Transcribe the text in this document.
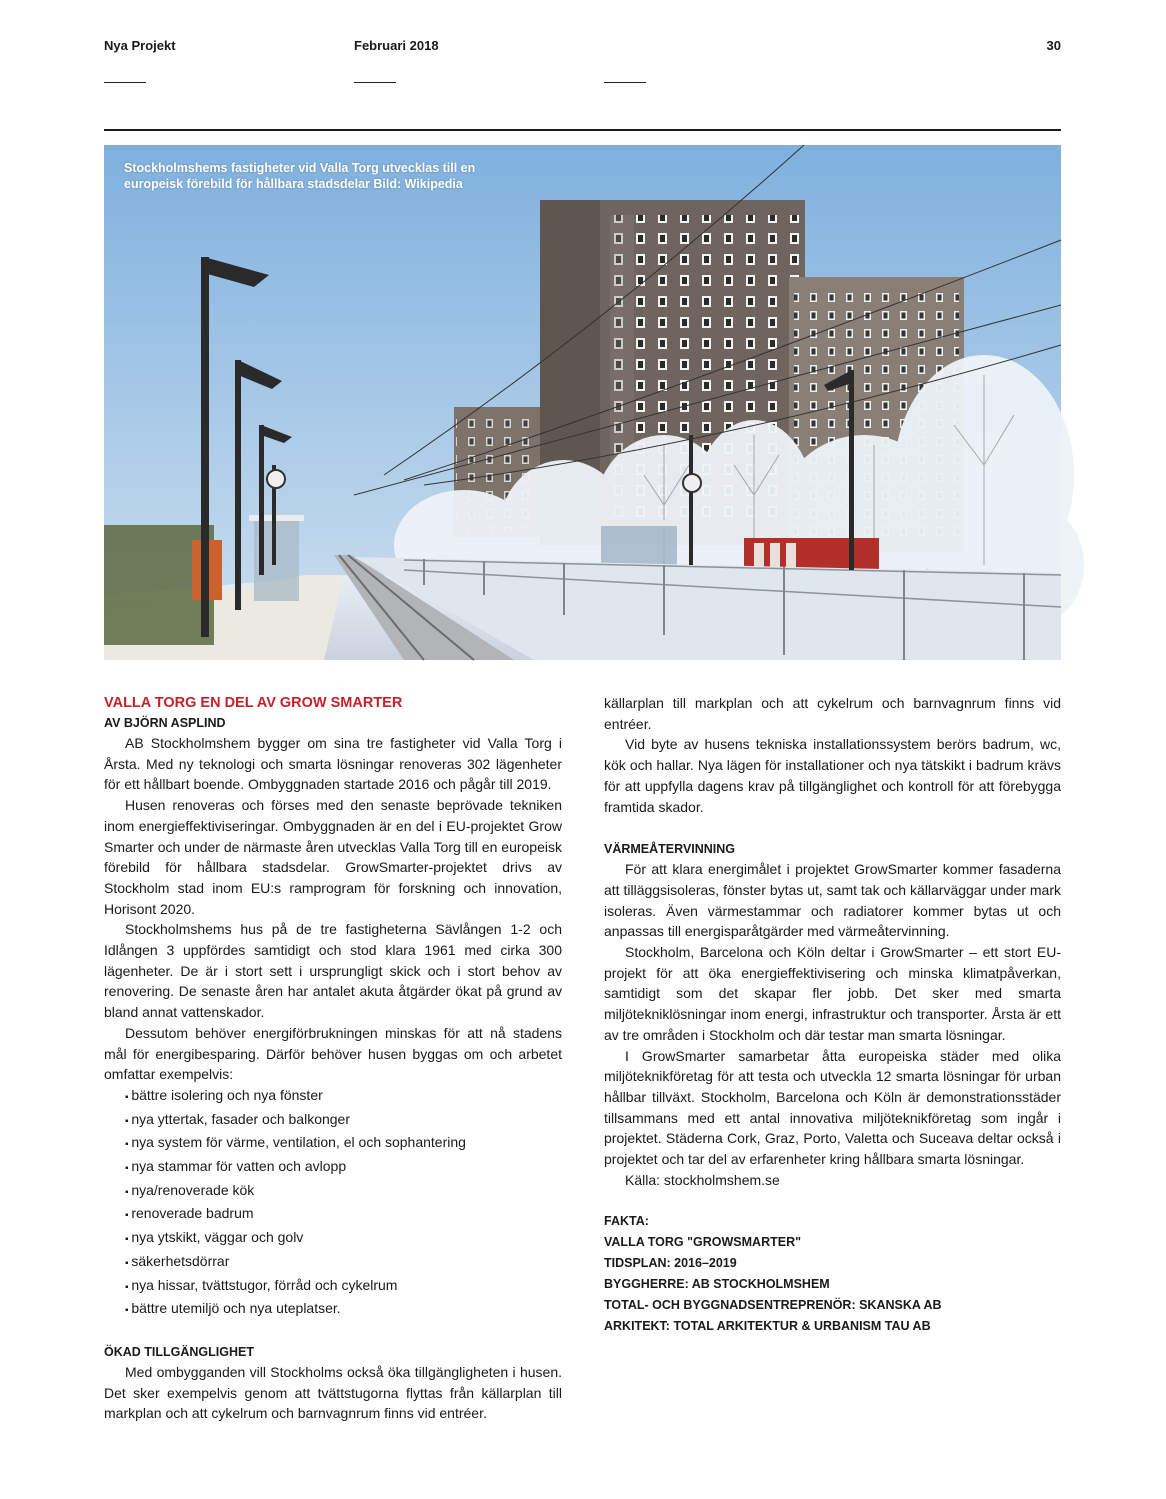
Nya Projekt	Februari 2018	30
Stockholmshems fastigheter vid Valla Torg utvecklas till en europeisk förebild för hållbara stadsdelar Bild: Wikipedia
VALLA TORG EN DEL AV GROW SMARTER
AV BJÖRN ASPLIND

AB Stockholmshem bygger om sina tre fastigheter vid Valla Torg i Årsta. Med ny teknologi och smarta lösningar renoveras 302 lägenheter för ett hållbart boende. Ombyggnaden startade 2016 och pågår till 2019.

Husen renoveras och förses med den senaste beprövade tekniken inom energieffektiviseringar. Ombyggnaden är en del i EU-projektet Grow Smarter och under de närmaste åren utvecklas Valla Torg till en europeisk förebild för hållbara stadsdelar. GrowSmarter-projektet drivs av Stockholm stad inom EU:s ramprogram för forskning och innovation, Horisont 2020.

Stockholmshems hus på de tre fastigheterna Sävlången 1-2 och Idlången 3 uppfördes samtidigt och stod klara 1961 med cirka 300 lägenheter. De är i stort sett i ursprungligt skick och i stort behov av renovering. De senaste åren har antalet akuta åtgärder ökat på grund av bland annat vattenskador.

Dessutom behöver energiförbrukningen minskas för att nå stadens mål för energibesparing. Därför behöver husen byggas om och arbetet omfattar exempelvis:

▪ bättre isolering och nya fönster
▪ nya yttertak, fasader och balkonger
▪ nya system för värme, ventilation, el och sophantering
▪ nya stammar för vatten och avlopp
▪ nya/renoverade kök
▪ renoverade badrum
▪ nya ytskikt, väggar och golv
▪ säkerhetsdörrar
▪ nya hissar, tvättstugor, förråd och cykelrum
▪ bättre utemiljö och nya uteplatser.
ÖKAD TILLGÄNGLIGHET

Med ombygganden vill Stockholms också öka tillgängligheten i husen. Det sker exempelvis genom att tvättstugorna flyttas från källarplan till markplan och att cykelrum och barnvagnrum finns vid entréer.

källarplan till markplan och att cykelrum och barnvagnrum finns vid entréer.

Vid byte av husens tekniska installationssystem berörs badrum, wc, kök och hallar. Nya lägen för installationer och nya tätskikt i badrum krävs för att uppfylla dagens krav på tillgänglighet och kontroll för att förebygga framtida skador.

VÄRMEÅTERVINNING

För att klara energimålet i projektet GrowSmarter kommer fasaderna att tilläggsisoleras, fönster bytas ut, samt tak och källarväggar under mark isoleras. Även värmestammar och radiatorer kommer bytas ut och anpassas till energisparåtgärder med värmeåtervinning.

Stockholm, Barcelona och Köln deltar i GrowSmarter – ett stort EU-projekt för att öka energieffektivisering och minska klimatpåverkan, samtidigt som det skapar fler jobb. Det sker med smarta miljötekniklösningar inom energi, infrastruktur och transporter. Årsta är ett av tre områden i Stockholm och där testar man smarta lösningar.

I GrowSmarter samarbetar åtta europeiska städer med olika miljöteknikföretag för att testa och utveckla 12 smarta lösningar för urban hållbar tillväxt. Stockholm, Barcelona och Köln är demonstrationsstäder tillsammans med ett antal innovativa miljöteknikföretag som ingår i projektet. Städerna Cork, Graz, Porto, Valetta och Suceava deltar också i projektet och tar del av erfarenheter kring hållbara smarta lösningar.

Källa: stockholmshem.se

FAKTA:
VALLA TORG "GROWSMARTER"
TIDSPLAN: 2016–2019
BYGGHERRE: AB STOCKHOLMSHEM
TOTAL- OCH BYGGNADSENTREPRENÖR: SKANSKA AB
ARKITEKT: TOTAL ARKITEKTUR & URBANISM TAU AB
